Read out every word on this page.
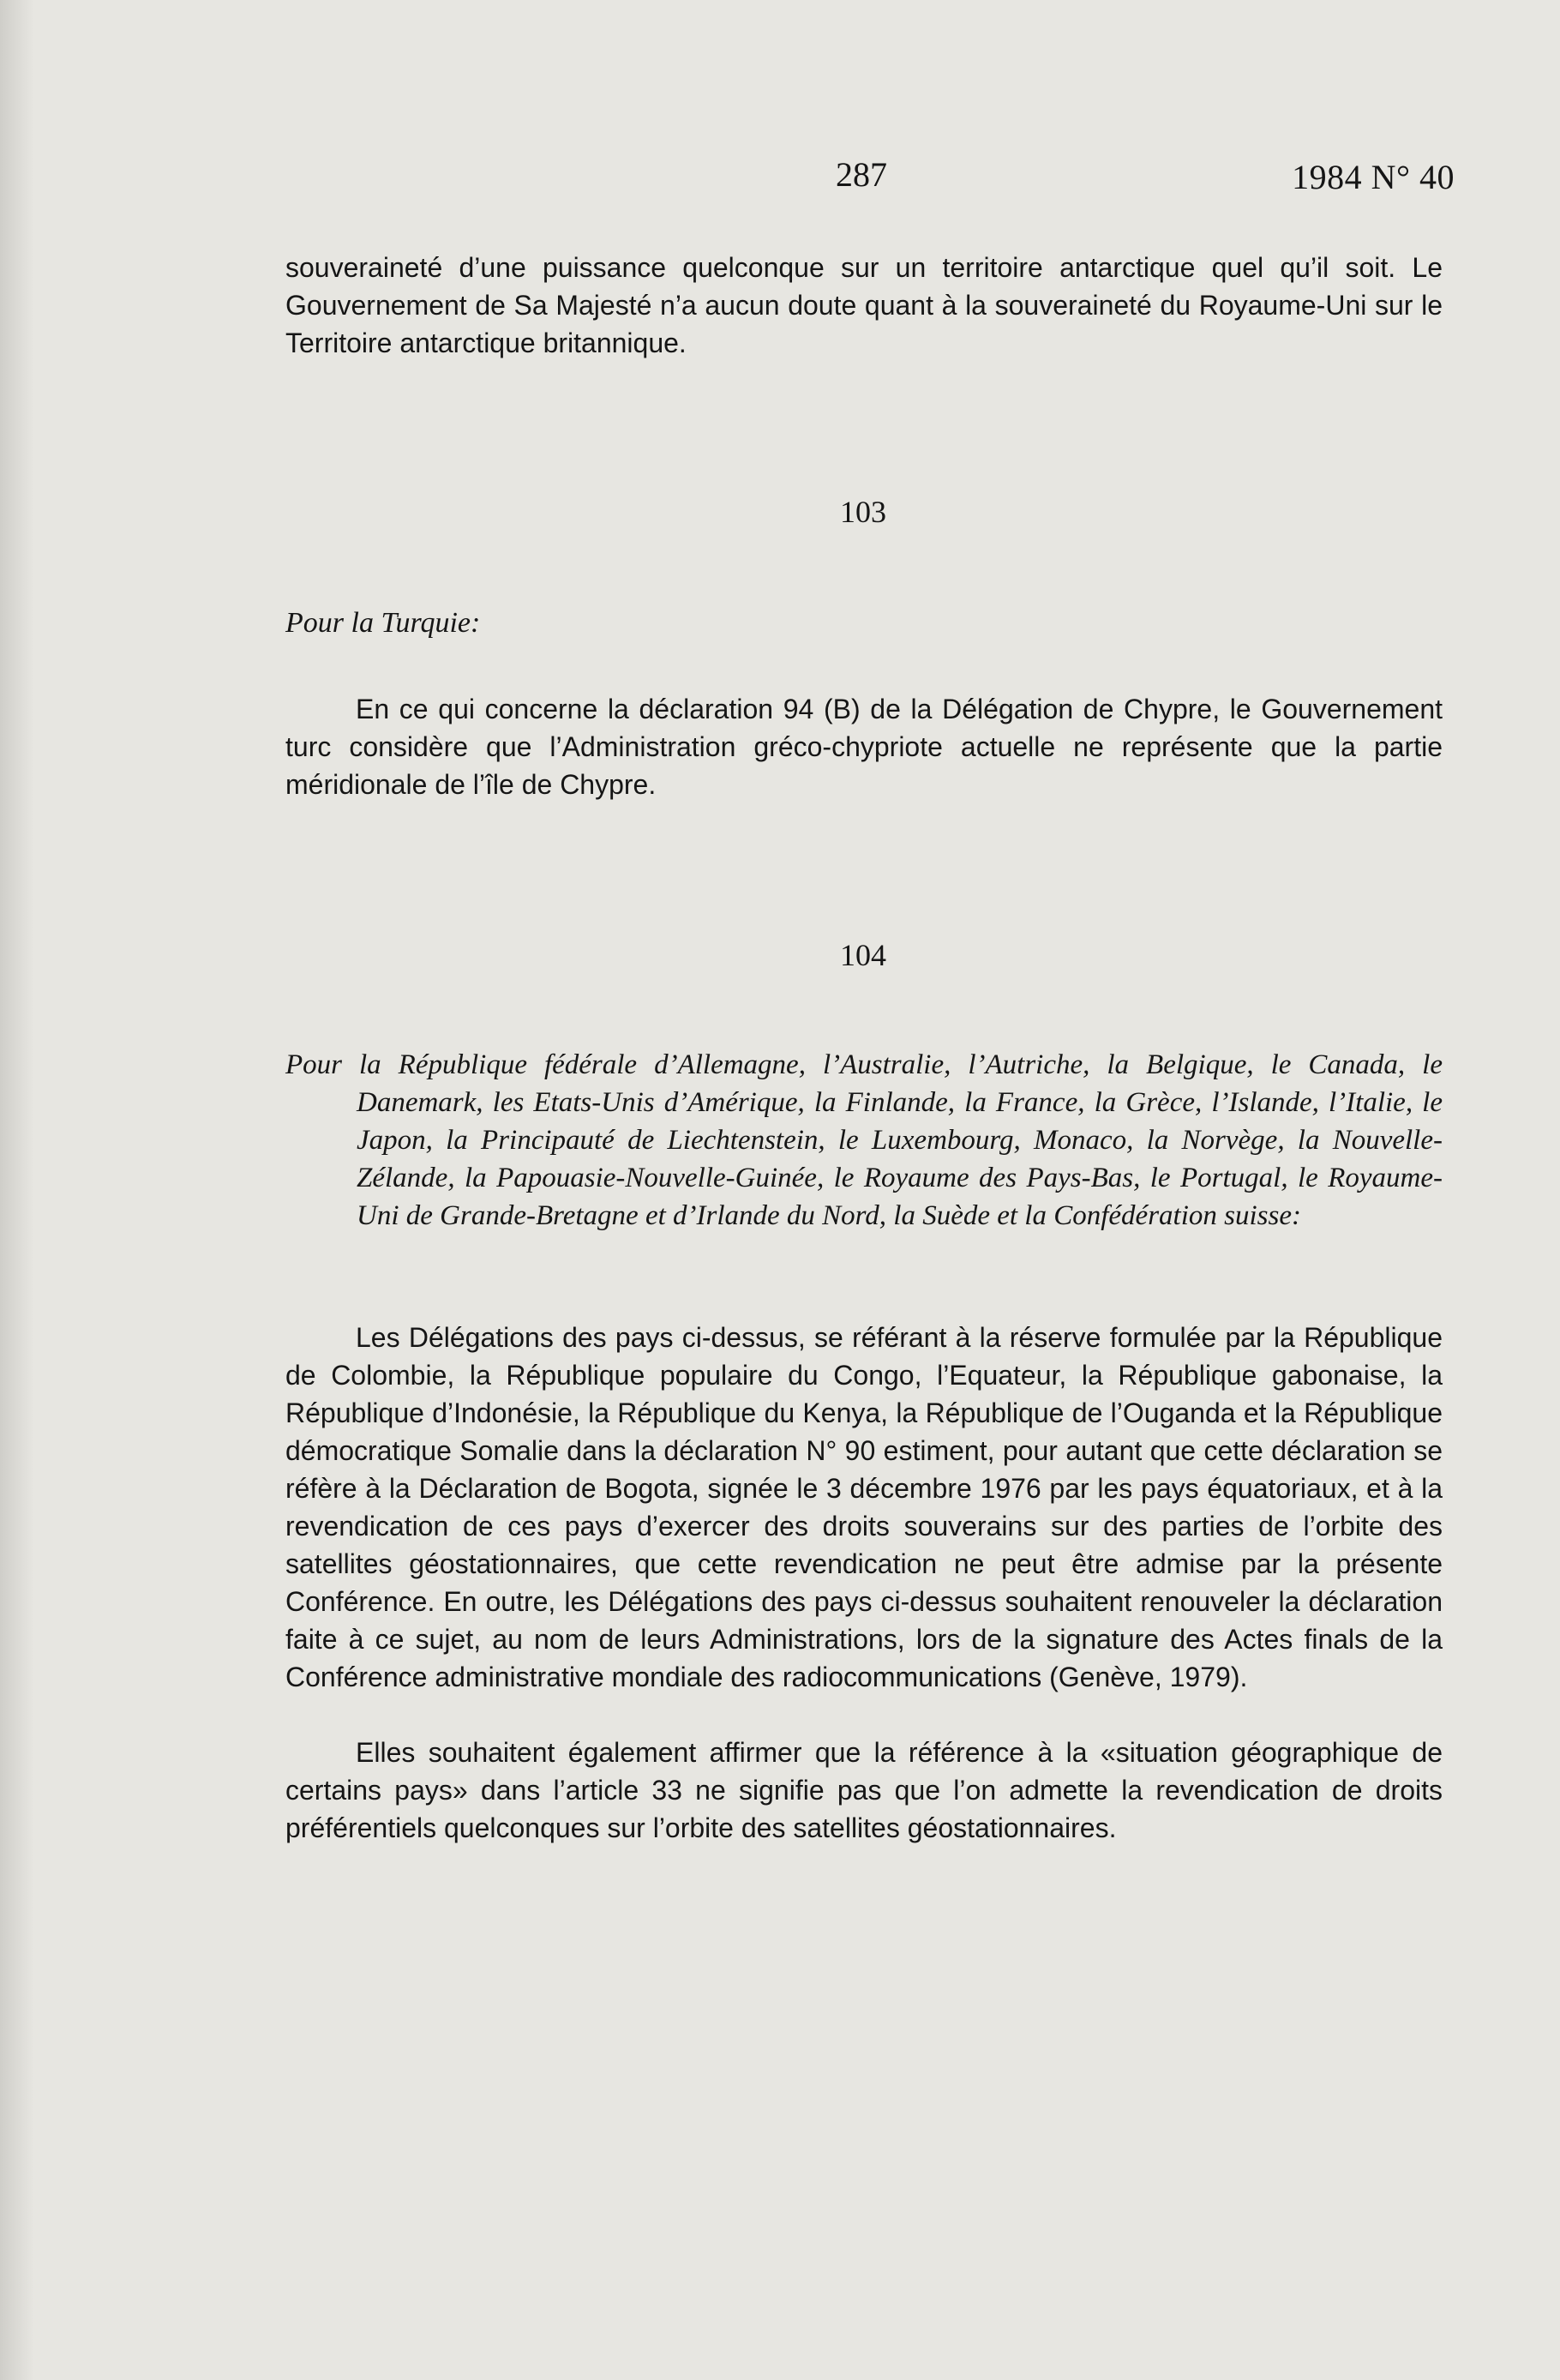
287	1984 N° 40

souveraineté d’une puissance quelconque sur un territoire antarctique quel qu’il soit. Le Gouvernement de Sa Majesté n’a aucun doute quant à la souveraineté du Royaume-Uni sur le Territoire antarctique britannique.

103
Pour la Turquie:

En ce qui concerne la déclaration 94 (B) de la Délégation de Chypre, le Gouvernement turc considère que l’Administration gréco-chypriote actuelle ne représente que la partie méridionale de l’île de Chypre.

104
Pour la République fédérale d’Allemagne, l’Australie, l’Autriche, la Belgique, le Canada, le Danemark, les Etats-Unis d’Amérique, la Finlande, la France, la Grèce, l’Islande, l’Italie, le Japon, la Principauté de Liechtenstein, le Luxembourg, Monaco, la Norvège, la Nouvelle-Zélande, la Papouasie-Nouvelle-Guinée, le Royaume des Pays-Bas, le Portugal, le Royaume-Uni de Grande-Bretagne et d’Irlande du Nord, la Suède et la Confédération suisse:

Les Délégations des pays ci-dessus, se référant à la réserve formulée par la République de Colombie, la République populaire du Congo, l’Equateur, la République gabonaise, la République d’Indonésie, la République du Kenya, la République de l’Ouganda et la République démocratique Somalie dans la déclaration N° 90 estiment, pour autant que cette déclaration se réfère à la Déclaration de Bogota, signée le 3 décembre 1976 par les pays équatoriaux, et à la revendication de ces pays d’exercer des droits souverains sur des parties de l’orbite des satellites géostationnaires, que cette revendication ne peut être admise par la présente Conférence. En outre, les Délégations des pays ci-dessus souhaitent renouveler la déclaration faite à ce sujet, au nom de leurs Administrations, lors de la signature des Actes finals de la Conférence administrative mondiale des radiocommunications (Genève, 1979).

Elles souhaitent également affirmer que la référence à la «situation géographique de certains pays» dans l’article 33 ne signifie pas que l’on admette la revendication de droits préférentiels quelconques sur l’orbite des satellites géostationnaires.
